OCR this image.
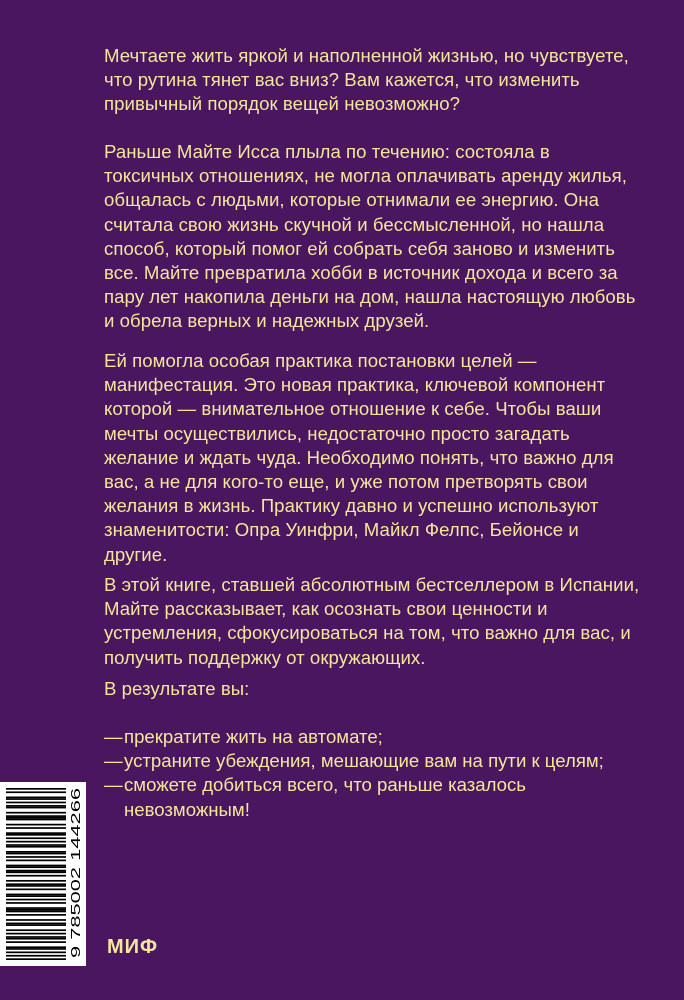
Мечтаете жить яркой и наполненной жизнью, но чувствуете, что рутина тянет вас вниз? Вам кажется, что изменить привычный порядок вещей невозможно?

Раньше Майте Исса плыла по течению: состояла в токсичных отношениях, не могла оплачивать аренду жилья, общалась с людьми, которые отнимали ее энергию. Она считала свою жизнь скучной и бессмысленной, но нашла способ, который помог ей собрать себя заново и изменить все. Майте превратила хобби в источник дохода и всего за пару лет накопила деньги на дом, нашла настоящую любовь и обрела верных и надежных друзей.

Ей помогла особая практика постановки целей — манифестация. Это новая практика, ключевой компонент которой — внимательное отношение к себе. Чтобы ваши мечты осуществились, недостаточно просто загадать желание и ждать чуда. Необходимо понять, что важно для вас, а не для кого-то еще, и уже потом претворять свои желания в жизнь. Практику давно и успешно используют знаменитости: Опра Уинфри, Майкл Фелпс, Бейонсе и другие.

В этой книге, ставшей абсолютным бестселлером в Испании, Майте рассказывает, как осознать свои ценности и устремления, сфокусироваться на том, что важно для вас, и получить поддержку от окружающих.

В результате вы:

— прекратите жить на автомате;
— устраните убеждения, мешающие вам на пути к целям;
— сможете добиться всего, что раньше казалось невозможным!
9 785002 144266 МИФ
